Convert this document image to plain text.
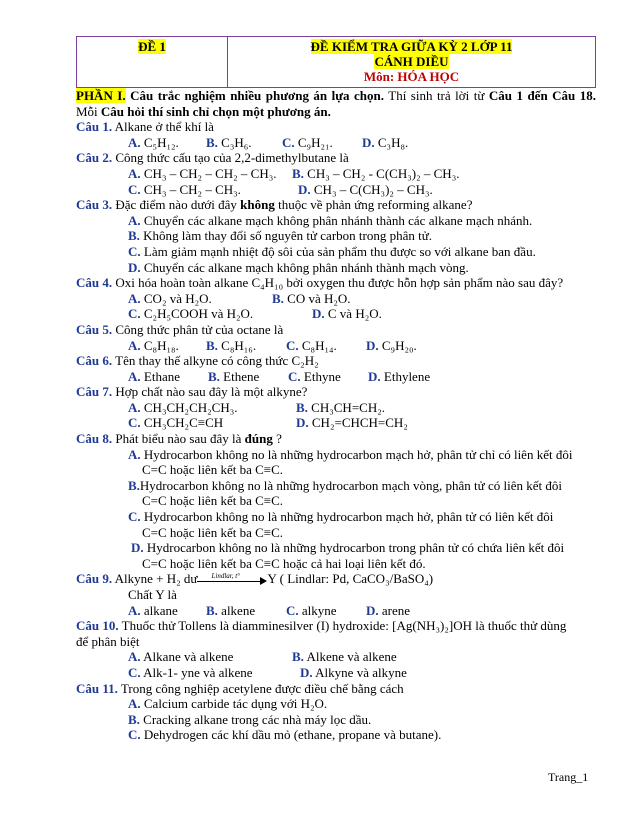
ĐỀ 1	ĐỀ KIỂM TRA GIỮA KỲ 2 LỚP 11
CÁNH DIỀU
Môn: HÓA HỌC
PHẦN I. Câu trắc nghiệm nhiều phương án lựa chọn. Thí sinh trả lời từ Câu 1 đến Câu 18. Mỗi Câu hỏi thí sinh chỉ chọn một phương án.
Câu 1. Alkane ở thể khí là
A. C₅H₁₂. B. C₃H₆. C. C₉H₂₁. D. C₃H₈.
Câu 2. Công thức cấu tạo của 2,2-dimethylbutane là
A. CH₃ – CH₂ – CH₂ – CH₃. B. CH₃ – CH₂ - C(CH₃)₂ – CH₃.
C. CH₃ – CH₂ – CH₃.	D. CH₃ – C(CH₃)₂ – CH₃.
Câu 3. Đặc điểm nào dưới đây không thuộc về phản ứng reforming alkane?
A. Chuyển các alkane mạch không phân nhánh thành các alkane mạch nhánh.
B. Không làm thay đổi số nguyên tử carbon trong phân tử.
C. Làm giảm mạnh nhiệt độ sôi của sản phẩm thu được so với alkane ban đầu.
D. Chuyển các alkane mạch không phân nhánh thành mạch vòng.
Câu 4. Oxi hóa hoàn toàn alkane C₄H₁₀ bởi oxygen thu được hỗn hợp sản phẩm nào sau đây?
A. CO₂ và H₂O.	B. CO và H₂O.
C. C₂H₅COOH và H₂O.	D. C và H₂O.
Câu 5. Công thức phân tử của octane là
A. C₈H₁₈. B. C₈H₁₆. C. C₈H₁₄. D. C₉H₂₀.
Câu 6. Tên thay thế alkyne có công thức C₂H₂
A. Ethane B. Ethene C. Ethyne D. Ethylene
Câu 7. Hợp chất nào sau đây là một alkyne?
A. CH₃CH₂CH₂CH₃.	B. CH₃CH=CH₂.
C. CH₃CH₂C≡CH	D. CH₂=CHCH=CH₂
Câu 8. Phát biểu nào sau đây là đúng ?
A. Hydrocarbon không no là những hydrocarbon mạch hở, phân tử chỉ có liên kết đôi
C=C hoặc liên kết ba C≡C.
B.Hydrocarbon không no là những hydrocarbon mạch vòng, phân tử có liên kết đôi
C=C hoặc liên kết ba C≡C.
C. Hydrocarbon không no là những hydrocarbon mạch hở, phân tử có liên kết đôi
C=C hoặc liên kết ba C≡C.
D. Hydrocarbon không no là những hydrocarbon trong phân tử có chứa liên kết đôi
C=C hoặc liên kết ba C≡C hoặc cả hai loại liên kết đó.
Câu 9. Alkyne + H₂ dư Lindlar, t° Y ( Lindlar: Pd, CaCO₃/BaSO₄)
Chất Y là
A. alkane B. alkene C. alkyne D. arene
Câu 10. Thuốc thử Tollens là diamminesilver (I) hydroxide: [Ag(NH₃)₂]OH là thuốc thử dùng
để phân biệt
A. Alkane và alkene	B. Alkene và alkene
C. Alk-1- yne và alkene	D. Alkyne và alkyne
Câu 11. Trong công nghiệp acetylene được điều chế bằng cách
A. Calcium carbide tác dụng với H₂O.
B. Cracking alkane trong các nhà máy lọc dầu.
C. Dehydrogen các khí dầu mỏ (ethane, propane và butane).
Trang_1
